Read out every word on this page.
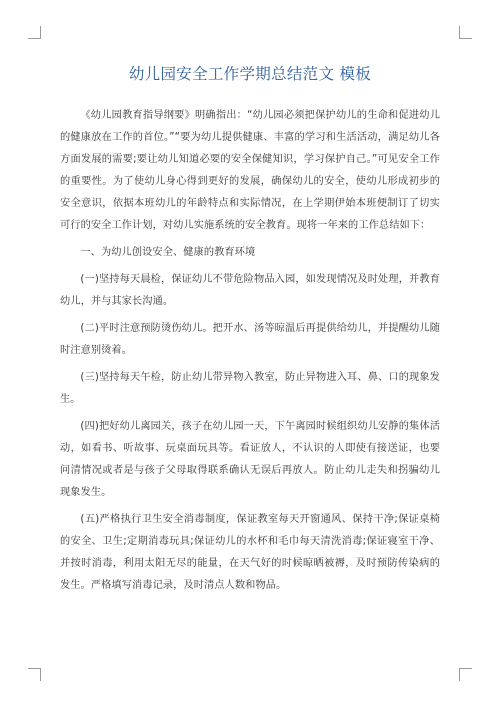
幼儿园安全工作学期总结范文 模板

《幼儿园教育指导纲要》明确指出：“幼儿园必须把保护幼儿的生命和促进幼儿的健康放在工作的首位。”“要为幼儿提供健康、丰富的学习和生活活动，满足幼儿各方面发展的需要;要让幼儿知道必要的安全保健知识，学习保护自己。”可见安全工作的重要性。为了使幼儿身心得到更好的发展，确保幼儿的安全，使幼儿形成初步的安全意识，依据本班幼儿的年龄特点和实际情况，在上学期伊始本班便制订了切实可行的安全工作计划，对幼儿实施系统的安全教育。现将一年来的工作总结如下：

一、为幼儿创设安全、健康的教育环境

(一)坚持每天晨检，保证幼儿不带危险物品入园，如发现情况及时处理，并教育幼儿，并与其家长沟通。

(二)平时注意预防烫伤幼儿。把开水、汤等晾温后再提供给幼儿，并提醒幼儿随时注意别烫着。

(三)坚持每天午检，防止幼儿带异物入教室，防止异物进入耳、鼻、口的现象发生。

(四)把好幼儿离园关，孩子在幼儿园一天，下午离园时候组织幼儿安静的集体活动，如看书、听故事、玩桌面玩具等。看证放人，不认识的人即使有接送证，也要问清情况或者是与孩子父母取得联系确认无误后再放人。防止幼儿走失和拐骗幼儿现象发生。

(五)严格执行卫生安全消毒制度，保证教室每天开窗通风、保持干净;保证桌椅的安全、卫生;定期消毒玩具;保证幼儿的水杯和毛巾每天清洗消毒;保证寝室干净、并按时消毒，利用太阳无尽的能量，在天气好的时候晾晒被褥，及时预防传染病的发生。严格填写消毒记录，及时清点人数和物品。
